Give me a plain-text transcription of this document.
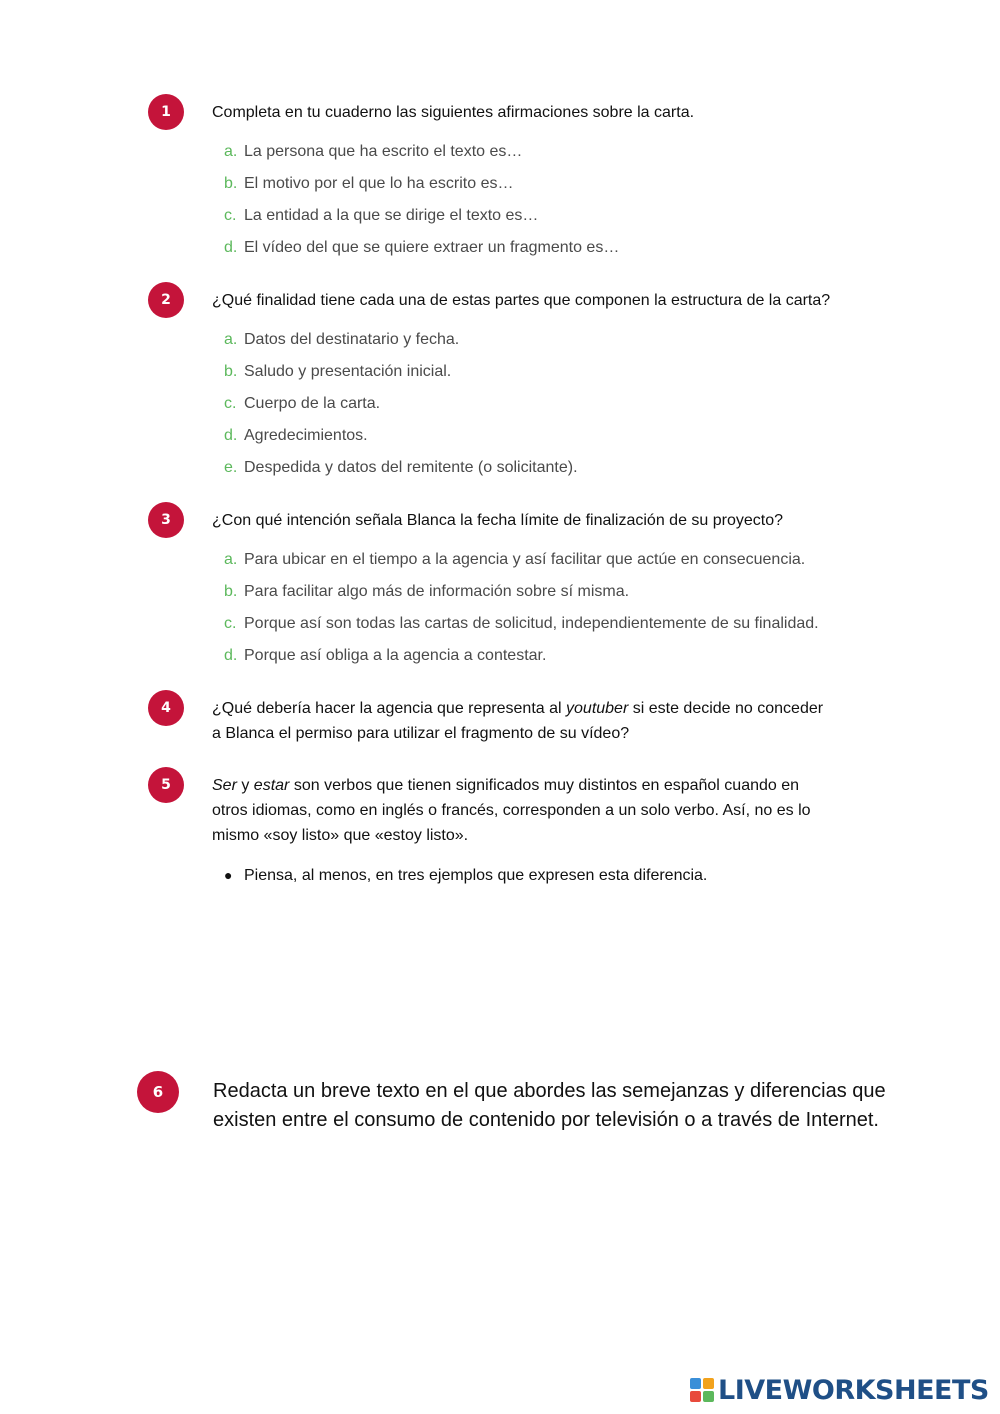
1	Completa en tu cuaderno las siguientes afirmaciones sobre la carta.
a. La persona que ha escrito el texto es…
b. El motivo por el que lo ha escrito es…
c. La entidad a la que se dirige el texto es…
d. El vídeo del que se quiere extraer un fragmento es…
2	¿Qué finalidad tiene cada una de estas partes que componen la estructura de la carta?
a. Datos del destinatario y fecha.
b. Saludo y presentación inicial.
c. Cuerpo de la carta.
d. Agredecimientos.
e. Despedida y datos del remitente (o solicitante).
3	¿Con qué intención señala Blanca la fecha límite de finalización de su proyecto?
a. Para ubicar en el tiempo a la agencia y así facilitar que actúe en consecuencia.
b. Para facilitar algo más de información sobre sí misma.
c. Porque así son todas las cartas de solicitud, independientemente de su finalidad.
d. Porque así obliga a la agencia a contestar.
4	¿Qué debería hacer la agencia que representa al youtuber si este decide no conceder a Blanca el permiso para utilizar el fragmento de su vídeo?
5	Ser y estar son verbos que tienen significados muy distintos en español cuando en otros idiomas, como en inglés o francés, corresponden a un solo verbo. Así, no es lo mismo «soy listo» que «estoy listo».
● Piensa, al menos, en tres ejemplos que expresen esta diferencia.
6	Redacta un breve texto en el que abordes las semejanzas y diferencias que existen entre el consumo de contenido por televisión o a través de Internet.
LIVEWORKSHEETS
